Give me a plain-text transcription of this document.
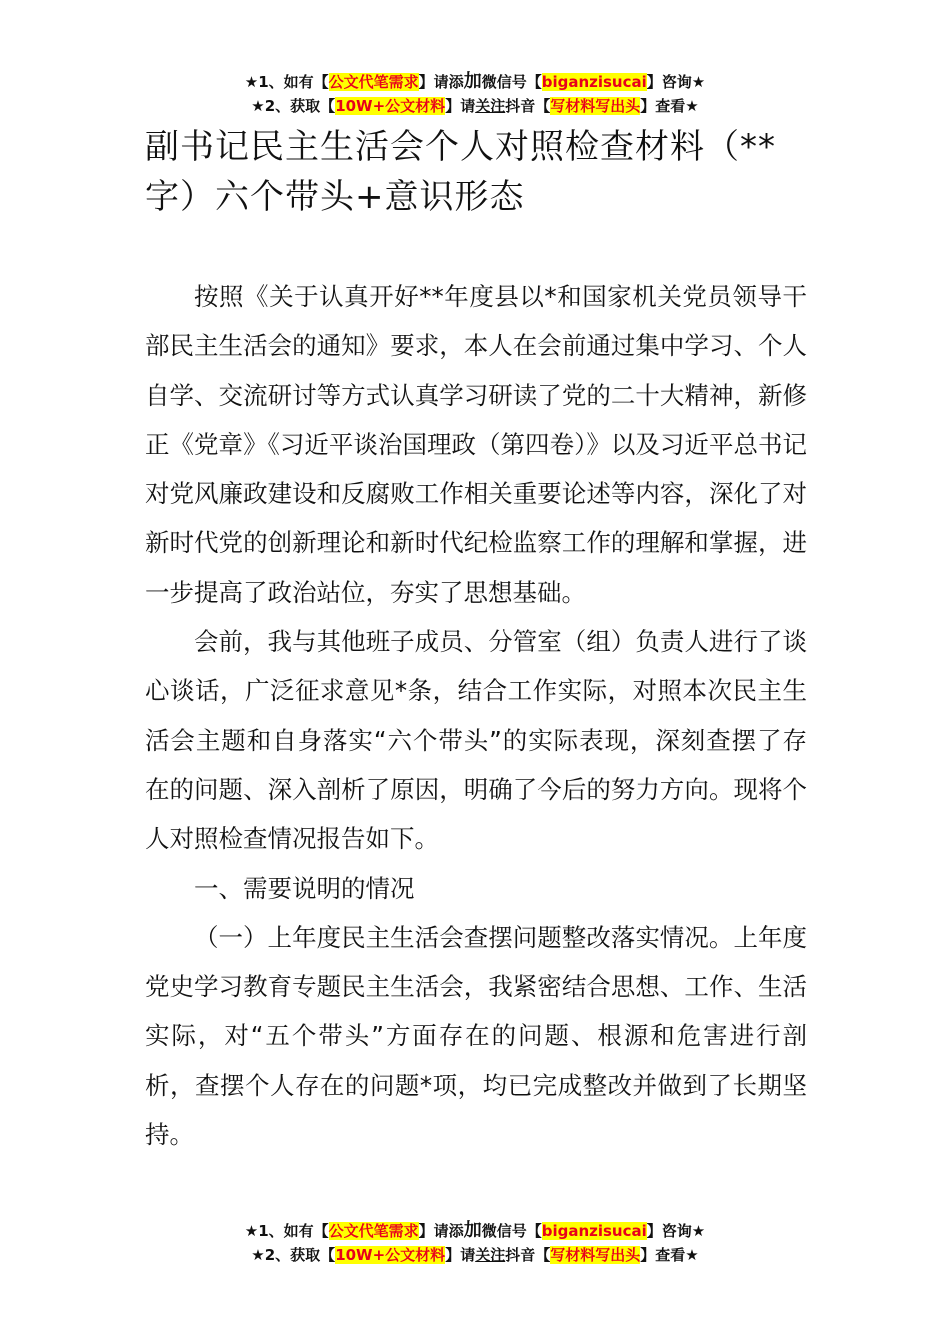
★1、如有【公文代笔需求】请添加微信号【biganzisucai】咨询★
★2、获取【10W+公文材料】请关注抖音【写材料写出头】查看★
副书记民主生活会个人对照检查材料（**字）六个带头+意识形态

按照《关于认真开好**年度县以*和国家机关党员领导干部民主生活会的通知》要求，本人在会前通过集中学习、个人自学、交流研讨等方式认真学习研读了党的二十大精神，新修正《党章》《习近平谈治国理政（第四卷）》以及习近平总书记对党风廉政建设和反腐败工作相关重要论述等内容，深化了对新时代党的创新理论和新时代纪检监察工作的理解和掌握，进一步提高了政治站位，夯实了思想基础。

会前，我与其他班子成员、分管室（组）负责人进行了谈心谈话，广泛征求意见*条，结合工作实际，对照本次民主生活会主题和自身落实“六个带头”的实际表现，深刻查摆了存在的问题、深入剖析了原因，明确了今后的努力方向。现将个人对照检查情况报告如下。

一、需要说明的情况

（一）上年度民主生活会查摆问题整改落实情况。上年度党史学习教育专题民主生活会，我紧密结合思想、工作、生活实际，对“五个带头”方面存在的问题、根源和危害进行剖析，查摆个人存在的问题*项，均已完成整改并做到了长期坚持。

★1、如有【公文代笔需求】请添加微信号【biganzisucai】咨询★
★2、获取【10W+公文材料】请关注抖音【写材料写出头】查看★
